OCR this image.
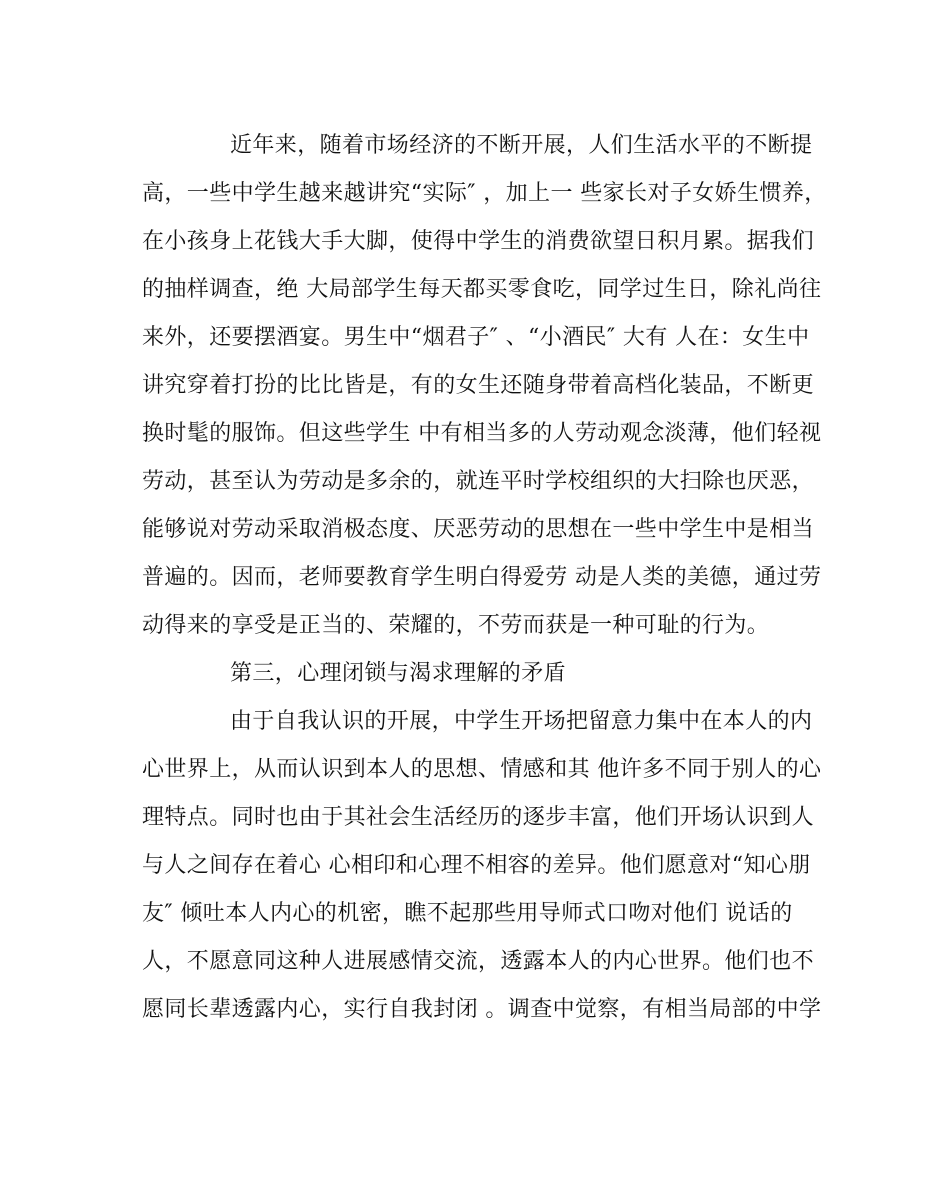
近年来，随着市场经济的不断开展，人们生活水平的不断提

高，一些中学生越来越讲究“实际″ ，加上一 些家长对子女娇生惯养，

在小孩身上花钱大手大脚，使得中学生的消费欲望日积月累。据我们

的抽样调查，绝 大局部学生每天都买零食吃，同学过生日，除礼尚往

来外，还要摆酒宴。男生中“烟君子″ 、“小酒民″ 大有 人在：女生中

讲究穿着打扮的比比皆是，有的女生还随身带着高档化装品，不断更

换时髦的服饰。但这些学生 中有相当多的人劳动观念淡薄，他们轻视

劳动，甚至认为劳动是多余的，就连平时学校组织的大扫除也厌恶，

能够说对劳动采取消极态度、厌恶劳动的思想在一些中学生中是相当

普遍的。因而，老师要教育学生明白得爱劳 动是人类的美德，通过劳

动得来的享受是正当的、荣耀的，不劳而获是一种可耻的行为。

第三，心理闭锁与渴求理解的矛盾

由于自我认识的开展，中学生开场把留意力集中在本人的内

心世界上，从而认识到本人的思想、情感和其 他许多不同于别人的心

理特点。同时也由于其社会生活经历的逐步丰富，他们开场认识到人

与人之间存在着心 心相印和心理不相容的差异。他们愿意对“知心朋

友″ 倾吐本人内心的机密，瞧不起那些用导师式口吻对他们 说话的

人，不愿意同这种人进展感情交流，透露本人的内心世界。他们也不

愿同长辈透露内心，实行自我封闭 。调查中觉察，有相当局部的中学
